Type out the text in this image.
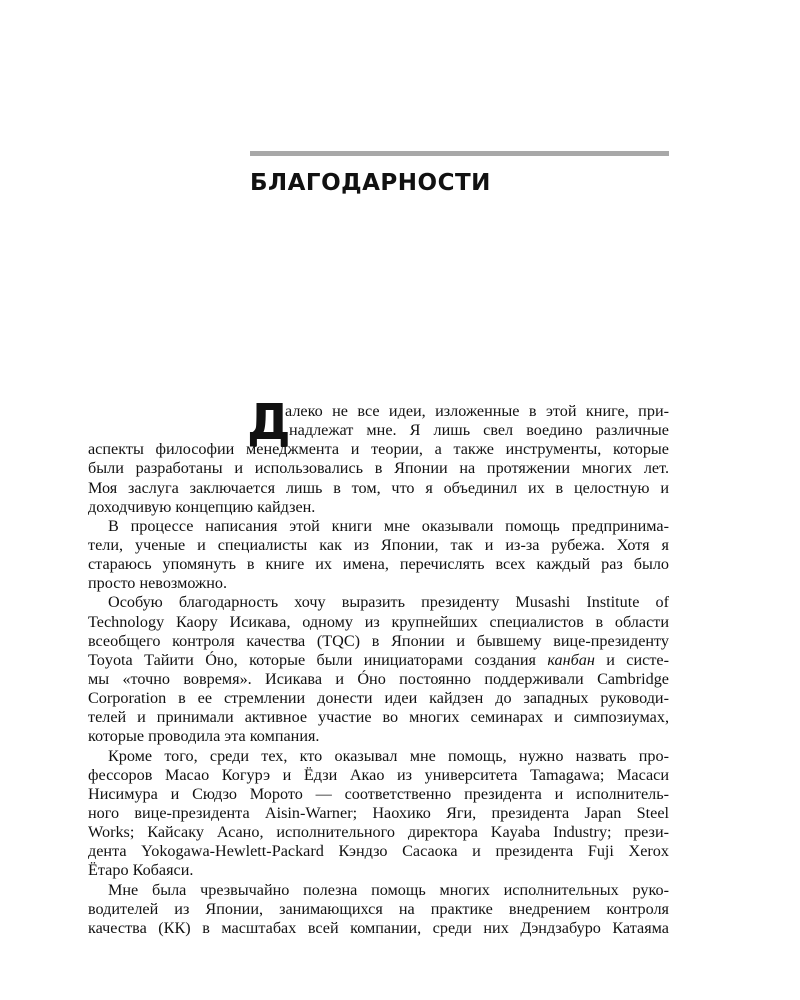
БЛАГОДАРНОСТИ
Д
алеко не все идеи, изложенные в этой книге, при-
надлежат мне. Я лишь свел воедино различные
аспекты философии менеджмента и теории, а также инструменты, которые
были разработаны и использовались в Японии на протяжении многих лет.
Моя заслуга заключается лишь в том, что я объединил их в целостную и
доходчивую концепцию кайдзен.
В процессе написания этой книги мне оказывали помощь предпринима-
тели, ученые и специалисты как из Японии, так и из-за рубежа. Хотя я
стараюсь упомянуть в книге их имена, перечислять всех каждый раз было
просто невозможно.
Особую благодарность хочу выразить президенту Musashi Institute of
Technology Каору Исикава, одному из крупнейших специалистов в области
всеобщего контроля качества (TQC) в Японии и бывшему вице-президенту
Toyota Тайити Óно, которые были инициаторами создания канбан и систе-
мы «точно вовремя». Исикава и Óно постоянно поддерживали Cambridge
Corporation в ее стремлении донести идеи кайдзен до западных руководи-
телей и принимали активное участие во многих семинарах и симпозиумах,
которые проводила эта компания.
Кроме того, среди тех, кто оказывал мне помощь, нужно назвать про-
фессоров Масао Когурэ и Ёдзи Акао из университета Tamagawa; Масаси
Нисимура и Сюдзо Морото — соответственно президента и исполнитель-
ного вице-президента Aisin-Warner; Наохико Яги, президента Japan Steel
Works; Кайсаку Асано, исполнительного директора Kayaba Industry; прези-
дента Yokogawa-Hewlett-Packard Кэндзо Сасаока и президента Fuji Xerox
Ётаро Кобаяси.
Мне была чрезвычайно полезна помощь многих исполнительных руко-
водителей из Японии, занимающихся на практике внедрением контроля
качества (КК) в масштабах всей компании, среди них Дэндзабуро Катаяма
